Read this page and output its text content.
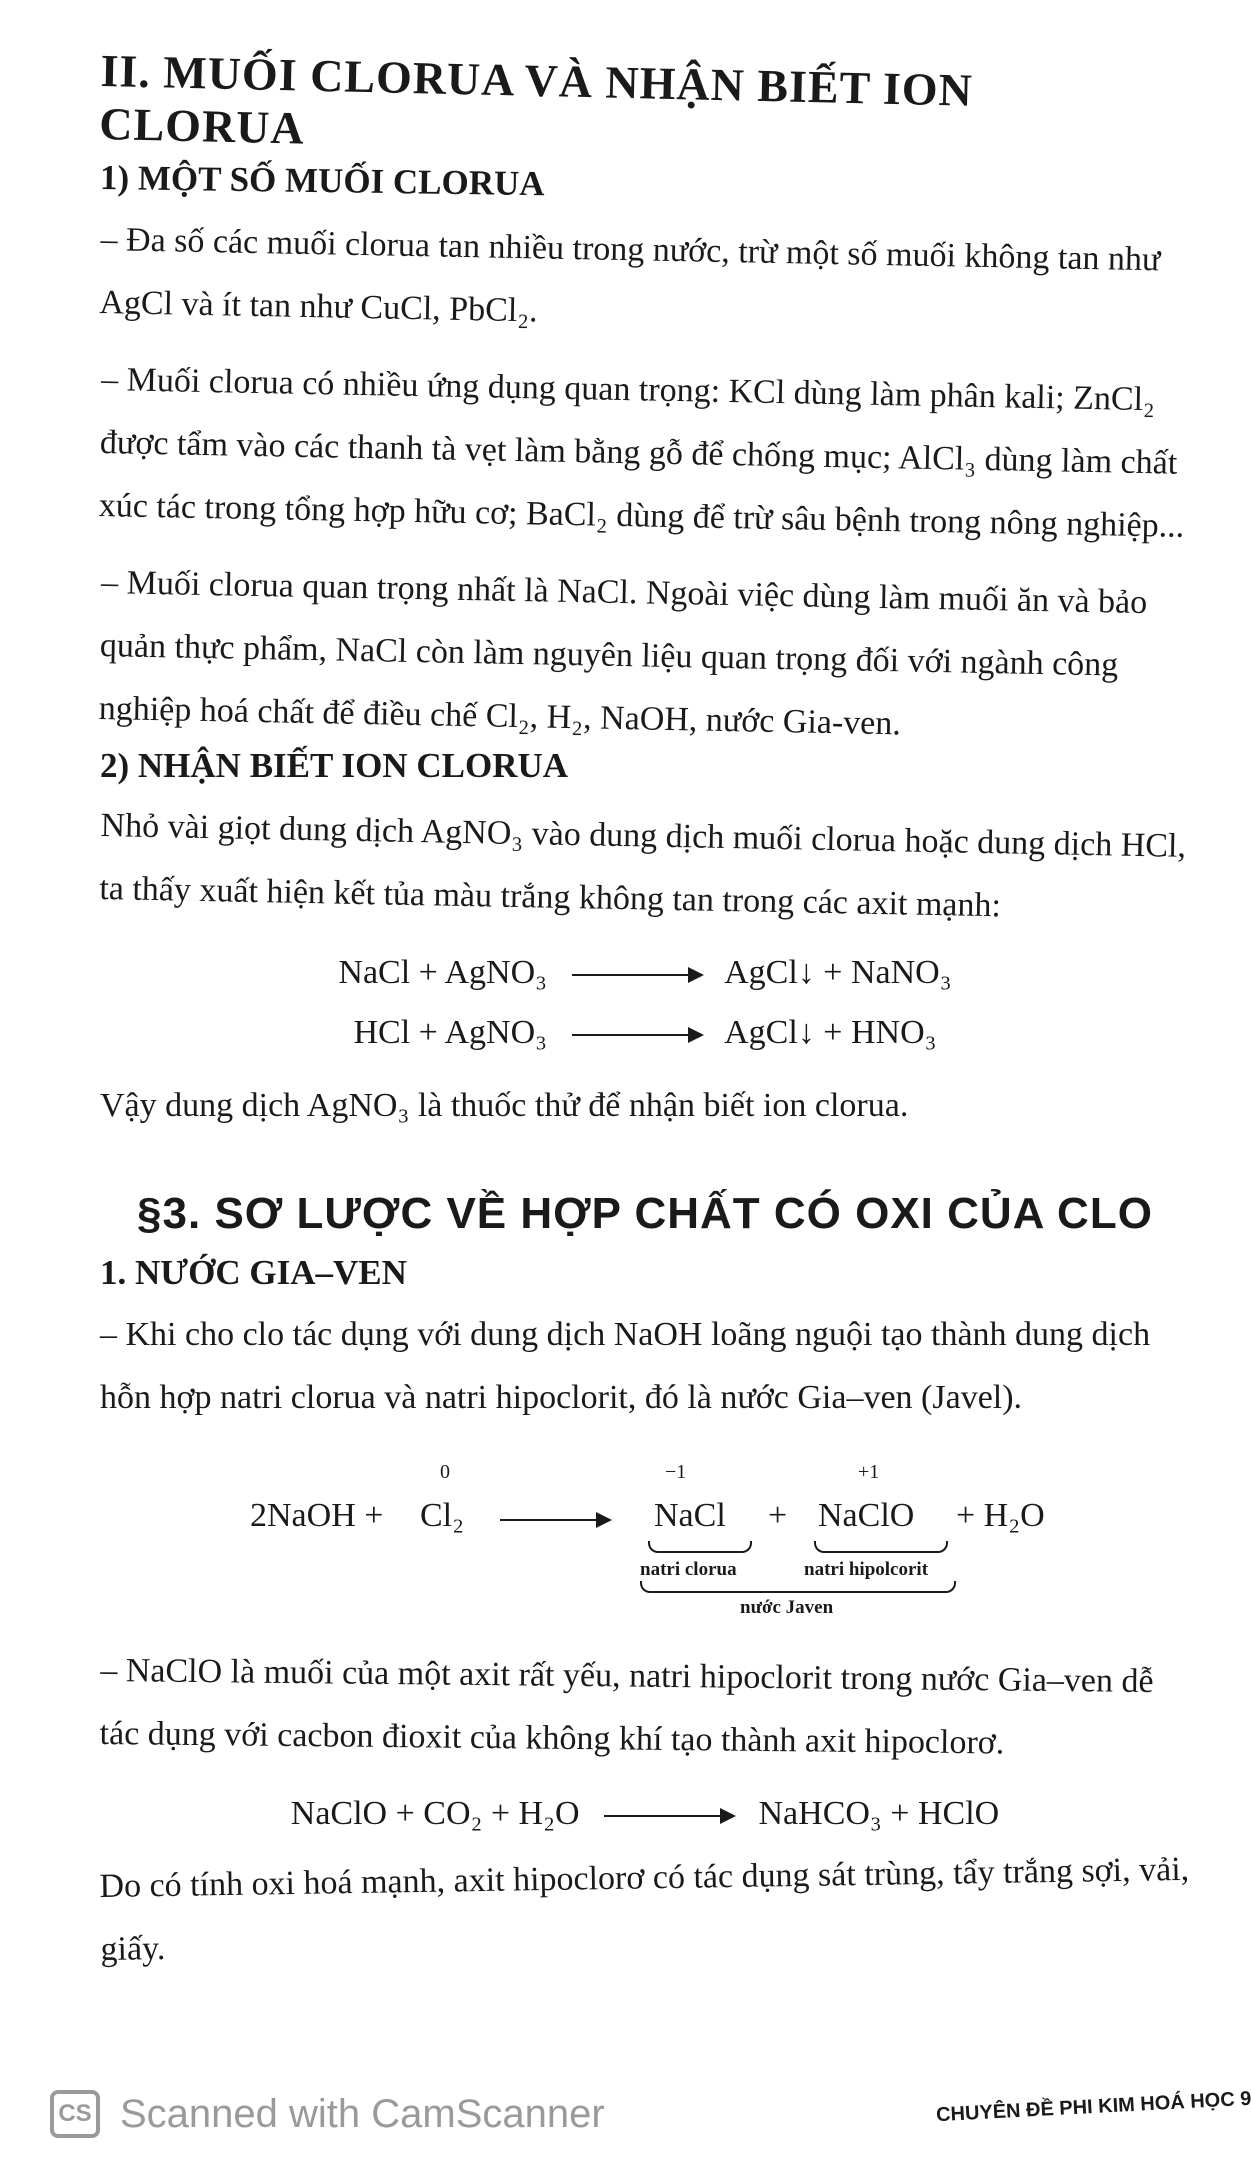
II. MUỐI CLORUA VÀ NHẬN BIẾT ION CLORUA
1) MỘT SỐ MUỐI CLORUA

– Đa số các muối clorua tan nhiều trong nước, trừ một số muối không tan như AgCl và ít tan như CuCl, PbCl₂.

– Muối clorua có nhiều ứng dụng quan trọng: KCl dùng làm phân kali; ZnCl₂ được tẩm vào các thanh tà vẹt làm bằng gỗ để chống mục; AlCl₃ dùng làm chất xúc tác trong tổng hợp hữu cơ; BaCl₂ dùng để trừ sâu bệnh trong nông nghiệp...

– Muối clorua quan trọng nhất là NaCl. Ngoài việc dùng làm muối ăn và bảo quản thực phẩm, NaCl còn làm nguyên liệu quan trọng đối với ngành công nghiệp hoá chất để điều chế Cl₂, H₂, NaOH, nước Gia-ven.

2) NHẬN BIẾT ION CLORUA

Nhỏ vài giọt dung dịch AgNO₃ vào dung dịch muối clorua hoặc dung dịch HCl, ta thấy xuất hiện kết tủa màu trắng không tan trong các axit mạnh:

NaCl + AgNO₃ → AgCl↓ + NaNO₃
HCl + AgNO₃ → AgCl↓ + HNO₃

Vậy dung dịch AgNO₃ là thuốc thử để nhận biết ion clorua.

§3. SƠ LƯỢC VỀ HỢP CHẤT CÓ OXI CỦA CLO
1. NƯỚC GIA–VEN

– Khi cho clo tác dụng với dung dịch NaOH loãng nguội tạo thành dung dịch hỗn hợp natri clorua và natri hipoclorit, đó là nước Gia–ven (Javel).

2NaOH +
0
Cl₂
−1
NaCl +
+1
NaClO + H₂O
natri clorua	natri hipolcorit
nước Javen

– NaClO là muối của một axit rất yếu, natri hipoclorit trong nước Gia–ven dễ tác dụng với cacbon đioxit của không khí tạo thành axit hipoclorơ.

NaClO + CO₂ + H₂O → NaHCO₃ + HClO

Do có tính oxi hoá mạnh, axit hipoclorơ có tác dụng sát trùng, tẩy trắng sợi, vải, giấy.

CS Scanned with CamScanner	CHUYÊN ĐỀ PHI KIM HOÁ HỌC 9
